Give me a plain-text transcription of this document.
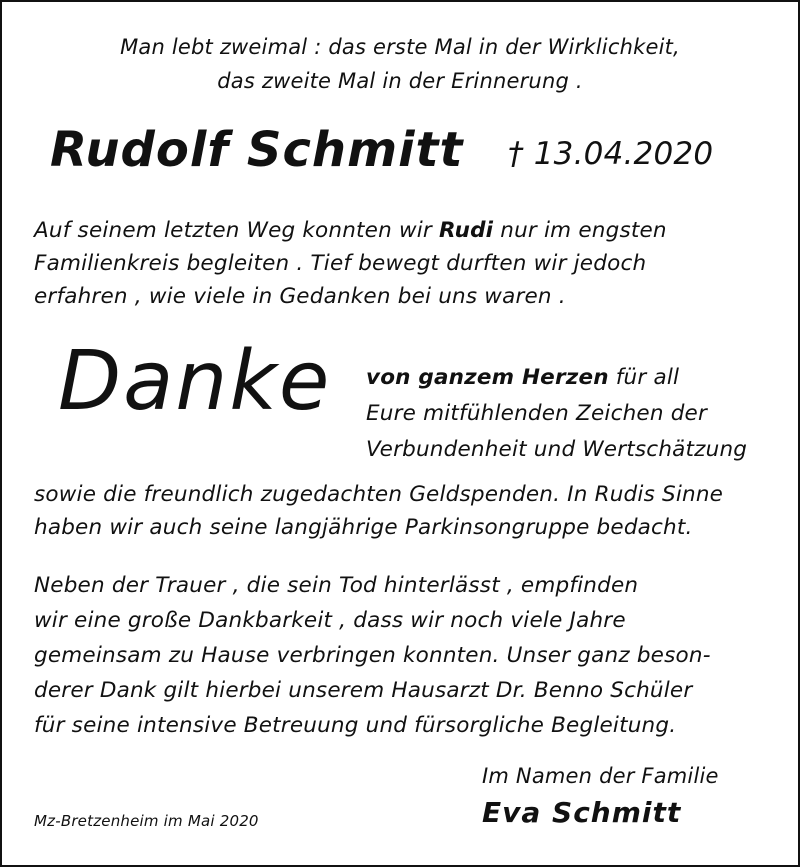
Man lebt zweimal : das erste Mal in der Wirklichkeit,
das zweite Mal in der Erinnerung .
Rudolf Schmitt † 13.04.2020
Auf seinem letzten Weg konnten wir Rudi nur im engsten
Familienkreis begleiten . Tief bewegt durften wir jedoch
erfahren , wie viele in Gedanken bei uns waren .
Danke von ganzem Herzen für all
Eure mitfühlenden Zeichen der
Verbundenheit und Wertschätzung
sowie die freundlich zugedachten Geldspenden. In Rudis Sinne
haben wir auch seine langjährige Parkinsongruppe bedacht.
Neben der Trauer , die sein Tod hinterlässt , empfinden
wir eine große Dankbarkeit , dass wir noch viele Jahre
gemeinsam zu Hause verbringen konnten. Unser ganz beson-
derer Dank gilt hierbei unserem Hausarzt Dr. Benno Schüler
für seine intensive Betreuung und fürsorgliche Begleitung.
Im Namen der Familie
Eva Schmitt
Mz-Bretzenheim im Mai 2020
